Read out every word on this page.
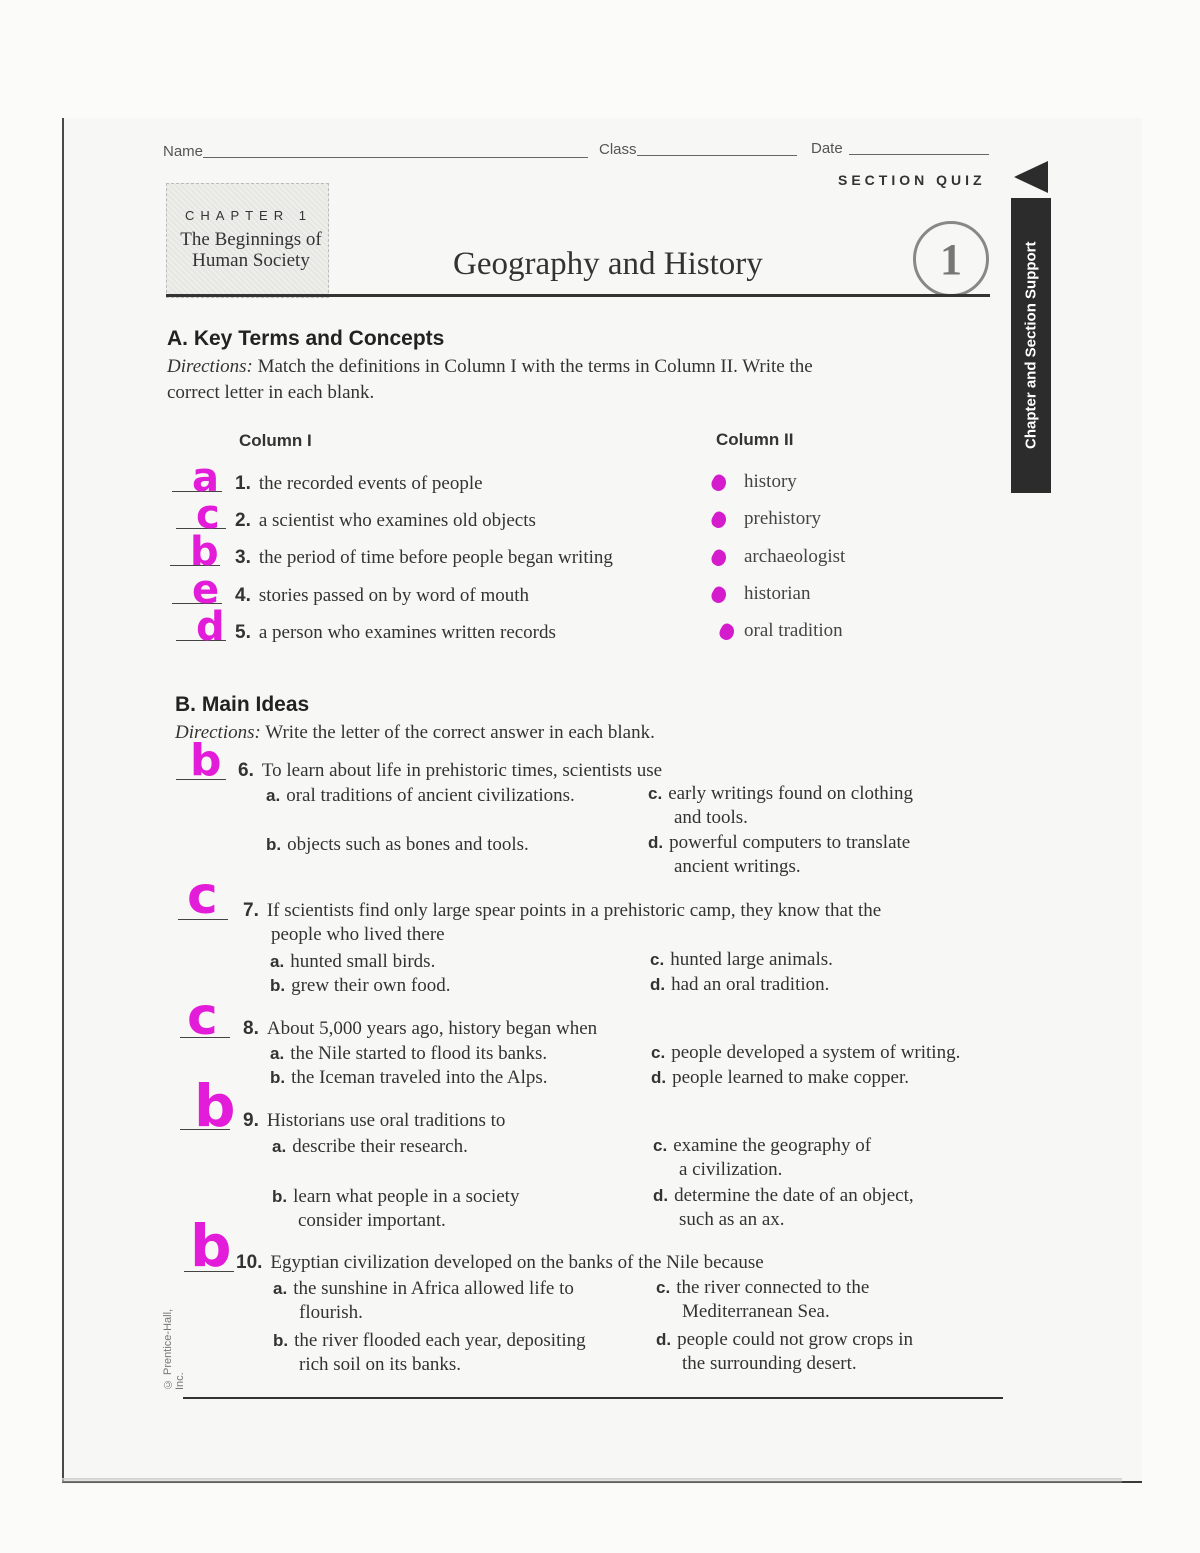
Name	Class	Date
SECTION QUIZ
Chapter and Section Support
CHAPTER 1
The Beginnings of
Human Society	Geography and History	1
A. Key Terms and Concepts
Directions: Match the definitions in Column I with the terms in Column II. Write the
correct letter in each blank.
Column I	Column II
a 1. the recorded events of people
c 2. a scientist who examines old objects
b 3. the period of time before people began writing
e 4. stories passed on by word of mouth
d 5. a person who examines written records
history
prehistory
archaeologist
historian
oral tradition
B. Main Ideas
Directions: Write the letter of the correct answer in each blank.
b 6. To learn about life in prehistoric times, scientists use
a. oral traditions of ancient civilizations.
b. objects such as bones and tools.
c. early writings found on clothing
and tools.
d. powerful computers to translate
ancient writings.
c 7. If scientists find only large spear points in a prehistoric camp, they know that the
people who lived there
a. hunted small birds.
b. grew their own food.
c. hunted large animals.
d. had an oral tradition.
c 8. About 5,000 years ago, history began when
a. the Nile started to flood its banks.
b. the Iceman traveled into the Alps.
c. people developed a system of writing.
d. people learned to make copper.
b 9. Historians use oral traditions to
a. describe their research.
b. learn what people in a society
consider important.
c. examine the geography of
a civilization.
d. determine the date of an object,
such as an ax.
b 10. Egyptian civilization developed on the banks of the Nile because
a. the sunshine in Africa allowed life to
flourish.
b. the river flooded each year, depositing
rich soil on its banks.
c. the river connected to the
Mediterranean Sea.
d. people could not grow crops in
the surrounding desert.
© Prentice-Hall, Inc.
